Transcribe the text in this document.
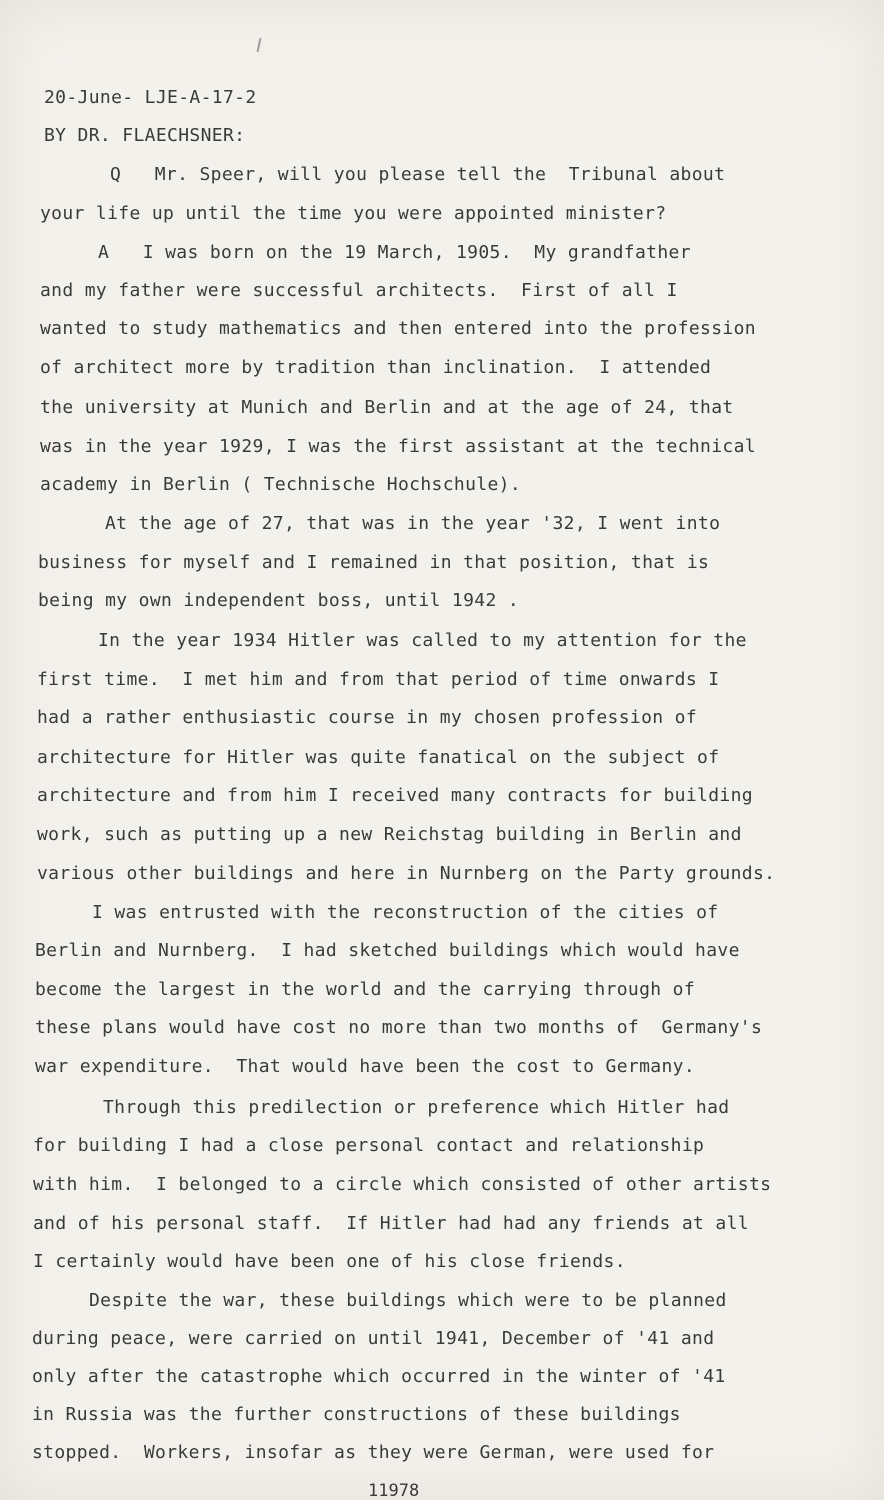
20-June- LJE-A-17-2
BY DR. FLAECHSNER:
Q   Mr. Speer, will you please tell the  Tribunal about
your life up until the time you were appointed minister?
A   I was born on the 19 March, 1905.  My grandfather
and my father were successful architects.  First of all I
wanted to study mathematics and then entered into the profession
of architect more by tradition than inclination.  I attended
the university at Munich and Berlin and at the age of 24, that
was in the year 1929, I was the first assistant at the technical
academy in Berlin ( Technische Hochschule).
At the age of 27, that was in the year '32, I went into
business for myself and I remained in that position, that is
being my own independent boss, until 1942 .
In the year 1934 Hitler was called to my attention for the
first time.  I met him and from that period of time onwards I
had a rather enthusiastic course in my chosen profession of
architecture for Hitler was quite fanatical on the subject of
architecture and from him I received many contracts for building
work, such as putting up a new Reichstag building in Berlin and
various other buildings and here in Nurnberg on the Party grounds.
I was entrusted with the reconstruction of the cities of
Berlin and Nurnberg.  I had sketched buildings which would have
become the largest in the world and the carrying through of
these plans would have cost no more than two months of  Germany's
war expenditure.  That would have been the cost to Germany.
Through this predilection or preference which Hitler had
for building I had a close personal contact and relationship
with him.  I belonged to a circle which consisted of other artists
and of his personal staff.  If Hitler had had any friends at all
I certainly would have been one of his close friends.
Despite the war, these buildings which were to be planned
during peace, were carried on until 1941, December of '41 and
only after the catastrophe which occurred in the winter of '41
in Russia was the further constructions of these buildings
stopped.  Workers, insofar as they were German, were used for
11978
